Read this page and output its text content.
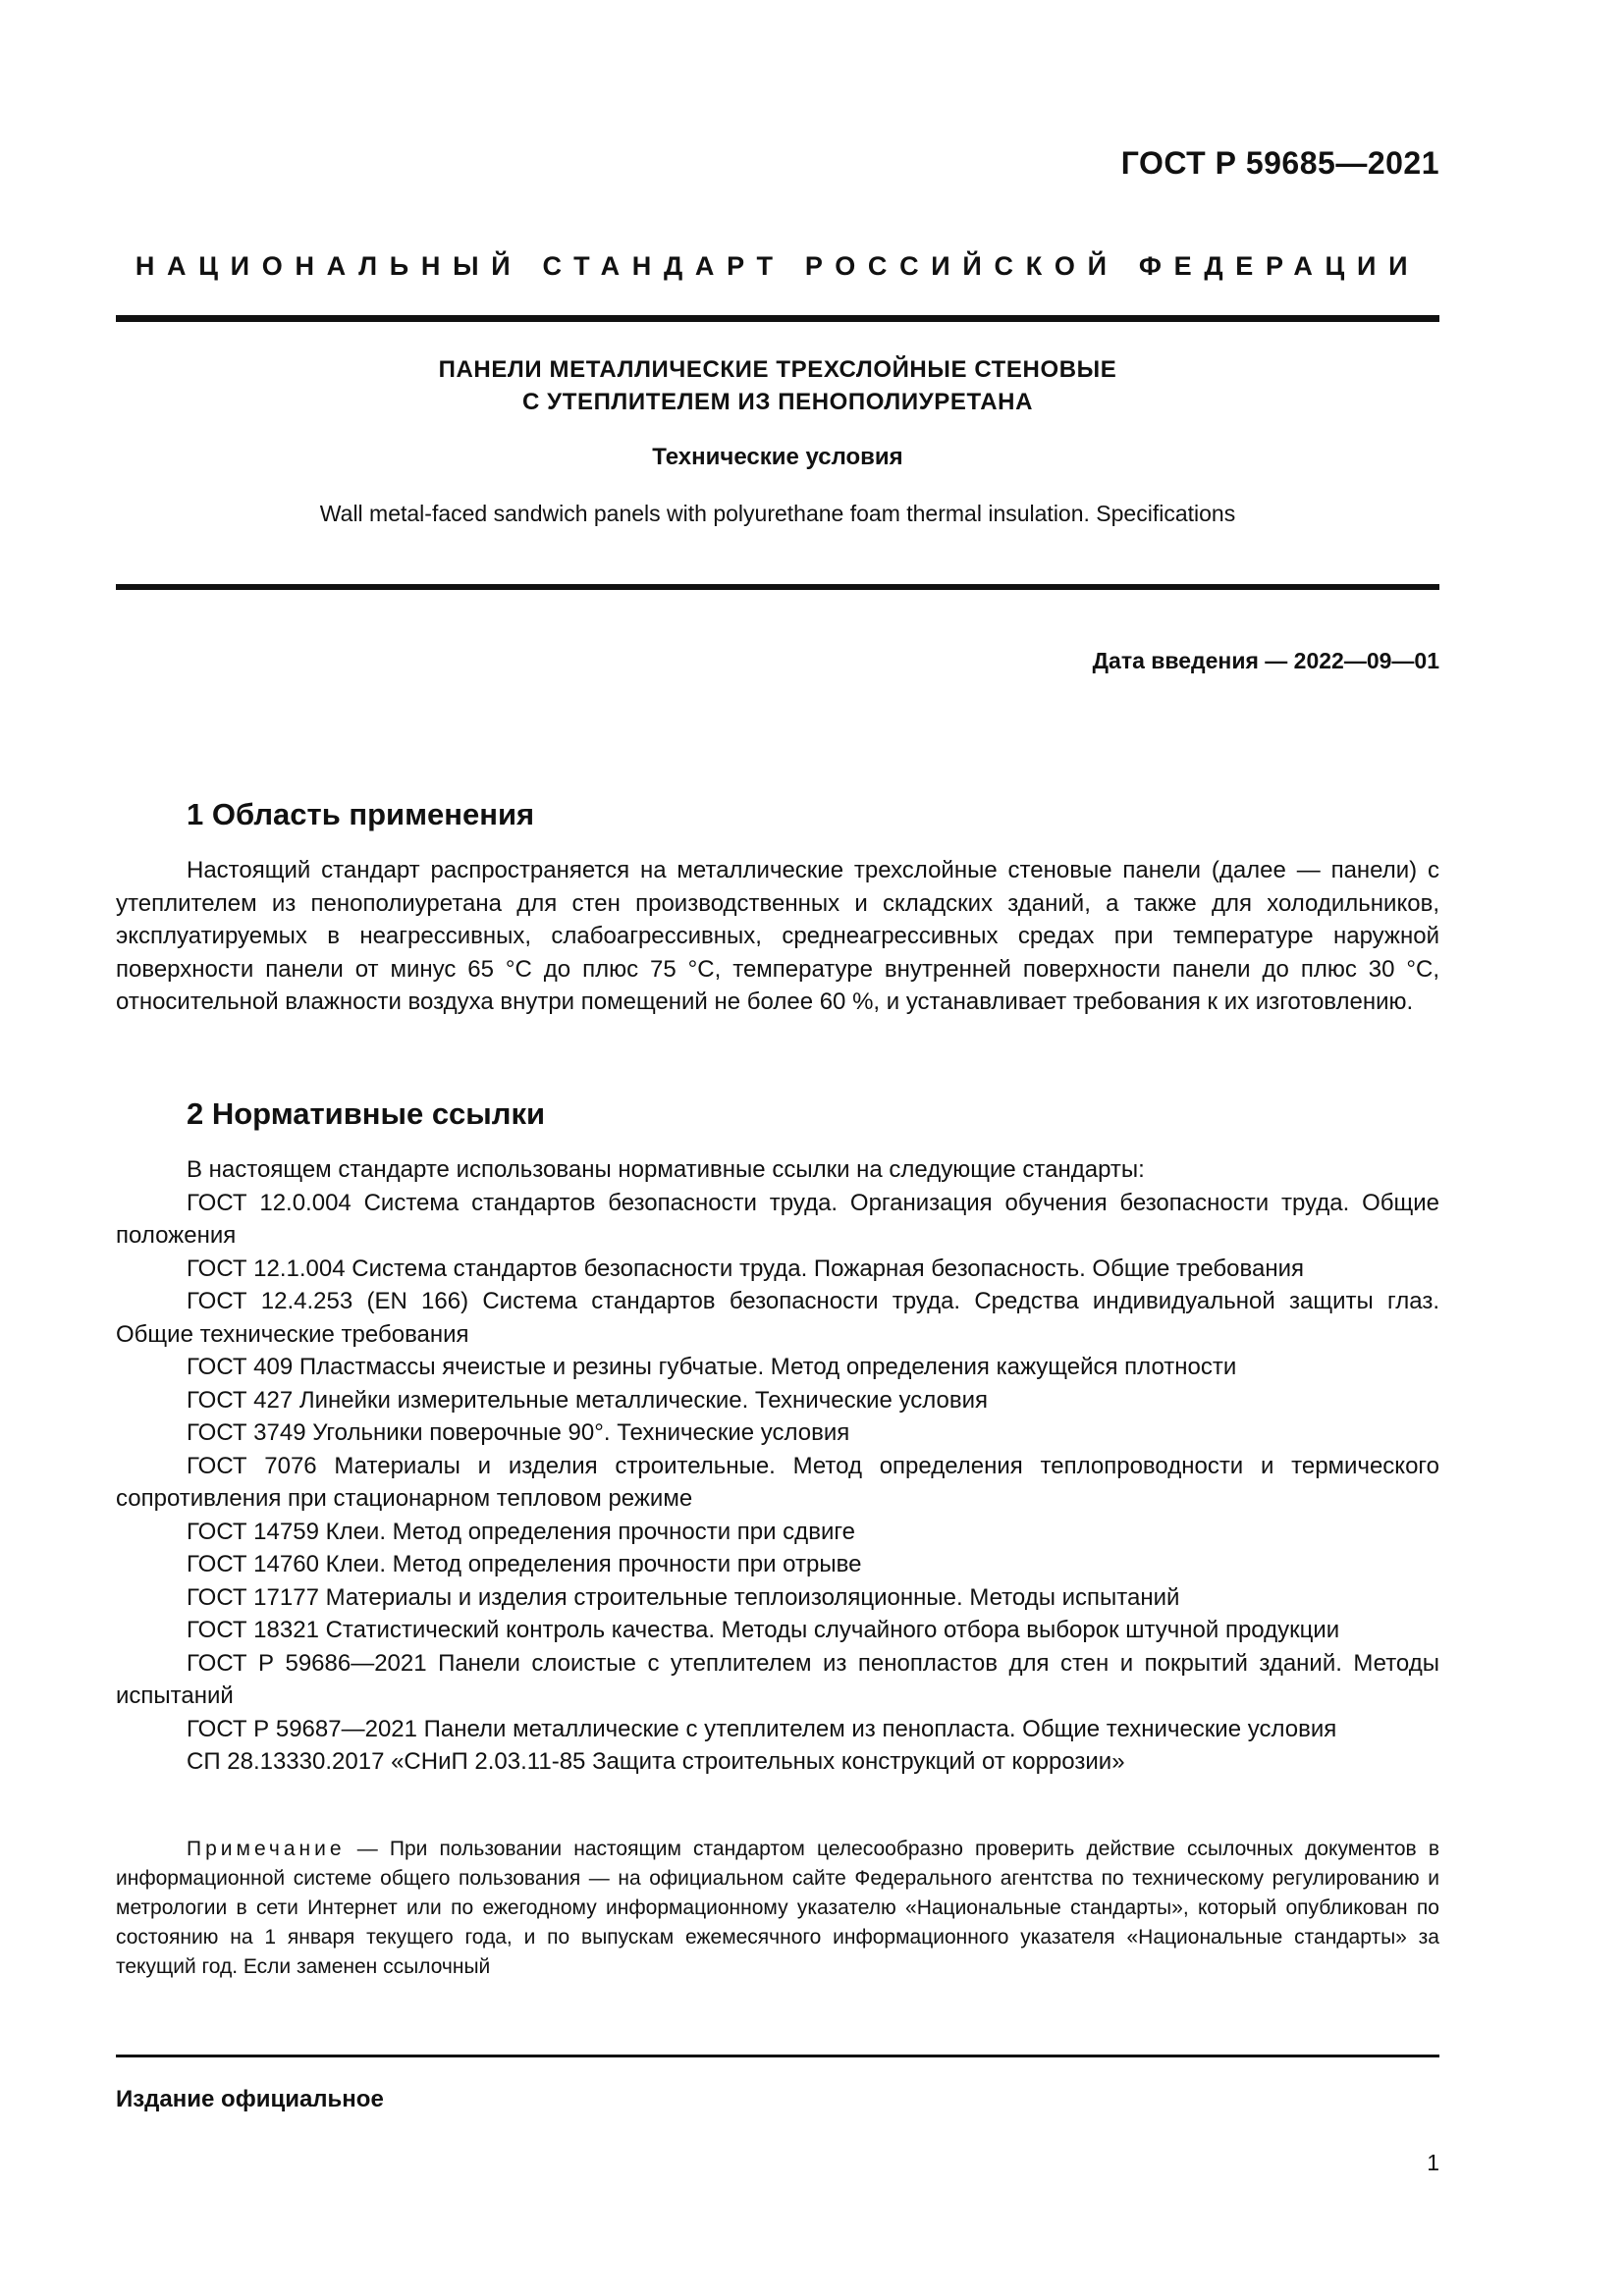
ГОСТ Р 59685—2021
НАЦИОНАЛЬНЫЙ СТАНДАРТ РОССИЙСКОЙ ФЕДЕРАЦИИ
ПАНЕЛИ МЕТАЛЛИЧЕСКИЕ ТРЕХСЛОЙНЫЕ СТЕНОВЫЕ
С УТЕПЛИТЕЛЕМ ИЗ ПЕНОПОЛИУРЕТАНА
Технические условия
Wall metal-faced sandwich panels with polyurethane foam thermal insulation. Specifications
Дата введения — 2022—09—01
1 Область применения

Настоящий стандарт распространяется на металлические трехслойные стеновые панели (далее — панели) с утеплителем из пенополиуретана для стен производственных и складских зданий, а также для холодильников, эксплуатируемых в неагрессивных, слабоагрессивных, среднеагрессивных средах при температуре наружной поверхности панели от минус 65 °С до плюс 75 °С, температуре внутренней поверхности панели до плюс 30 °С, относительной влажности воздуха внутри помещений не более 60 %, и устанавливает требования к их изготовлению.

2 Нормативные ссылки

В настоящем стандарте использованы нормативные ссылки на следующие стандарты:

ГОСТ 12.0.004 Система стандартов безопасности труда. Организация обучения безопасности труда. Общие положения

ГОСТ 12.1.004 Система стандартов безопасности труда. Пожарная безопасность. Общие требования

ГОСТ 12.4.253 (EN 166) Система стандартов безопасности труда. Средства индивидуальной защиты глаз. Общие технические требования

ГОСТ 409 Пластмассы ячеистые и резины губчатые. Метод определения кажущейся плотности

ГОСТ 427 Линейки измерительные металлические. Технические условия

ГОСТ 3749 Угольники поверочные 90°. Технические условия

ГОСТ 7076 Материалы и изделия строительные. Метод определения теплопроводности и термического сопротивления при стационарном тепловом режиме

ГОСТ 14759 Клеи. Метод определения прочности при сдвиге

ГОСТ 14760 Клеи. Метод определения прочности при отрыве

ГОСТ 17177 Материалы и изделия строительные теплоизоляционные. Методы испытаний

ГОСТ 18321 Статистический контроль качества. Методы случайного отбора выборок штучной продукции

ГОСТ Р 59686—2021 Панели слоистые с утеплителем из пенопластов для стен и покрытий зданий. Методы испытаний

ГОСТ Р 59687—2021 Панели металлические с утеплителем из пенопласта. Общие технические условия

СП 28.13330.2017 «СНиП 2.03.11-85 Защита строительных конструкций от коррозии»

Примечание — При пользовании настоящим стандартом целесообразно проверить действие ссылочных документов в информационной системе общего пользования — на официальном сайте Федерального агентства по техническому регулированию и метрологии в сети Интернет или по ежегодному информационному указателю «Национальные стандарты», который опубликован по состоянию на 1 января текущего года, и по выпускам ежемесячного информационного указателя «Национальные стандарты» за текущий год. Если заменен ссылочный
Издание официальное
1
